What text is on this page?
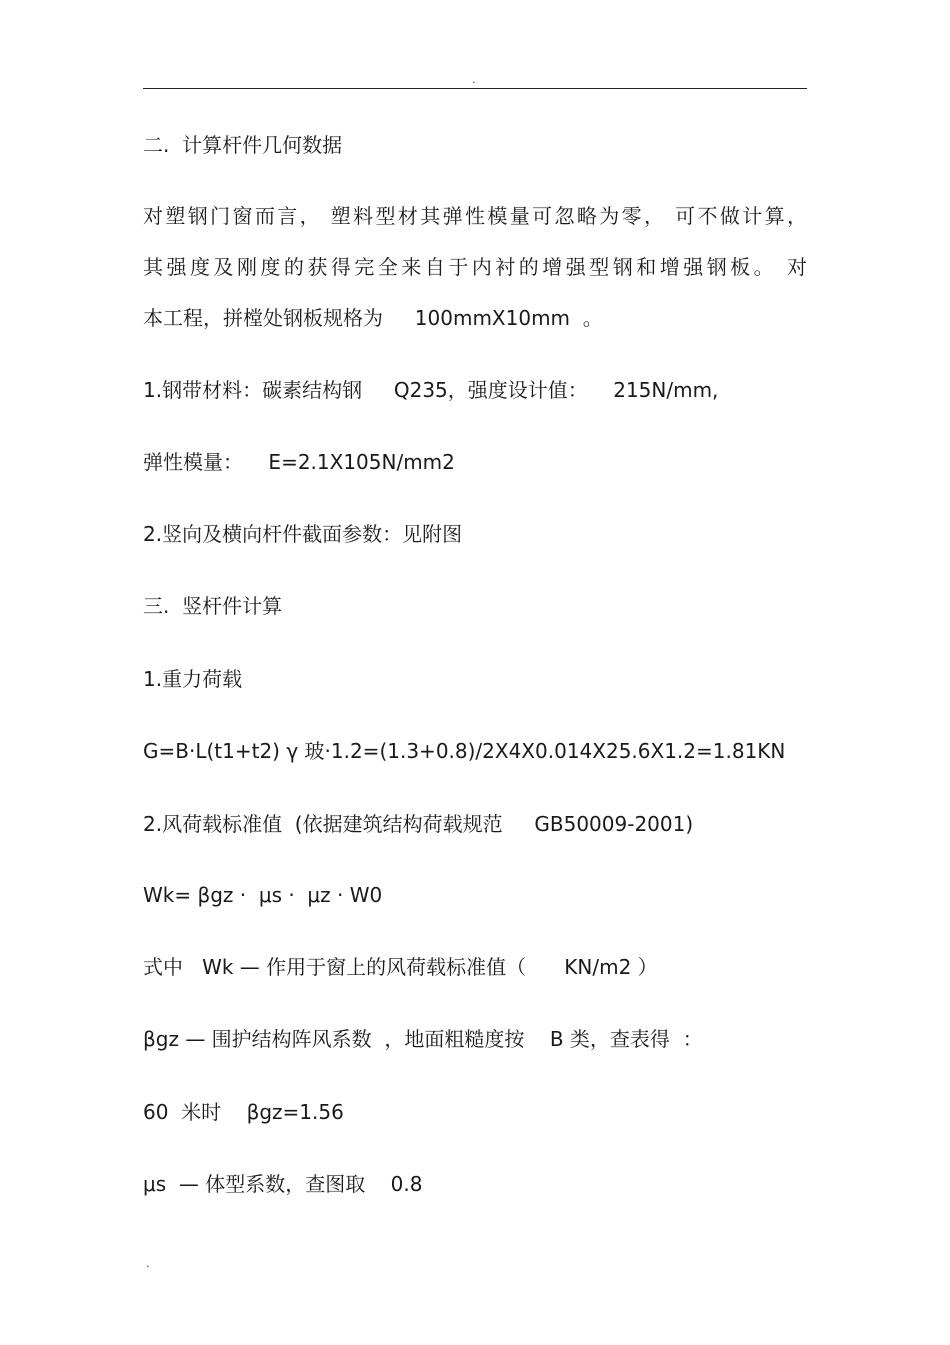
.
二.  计算杆件几何数据
对塑钢门窗而言， 塑料型材其弹性模量可忽略为零， 可不做计算，
其强度及刚度的获得完全来自于内衬的增强型钢和增强钢板。 对
本工程，拼樘处钢板规格为     100mmX10mm  。
1.钢带材料：碳素结构钢     Q235，强度设计值：    215N/mm,
弹性模量：    E=2.1X105N/mm2
2.竖向及横向杆件截面参数：见附图
三.  竖杆件计算
1.重力荷载
G=B·L(t1+t2) γ 玻·1.2=(1.3+0.8)/2X4X0.014X25.6X1.2=1.81KN
2.风荷载标准值  (依据建筑结构荷载规范     GB50009-2001)
Wk= βgz ·  μs ·  μz · W0
式中   Wk — 作用于窗上的风荷载标准值（      KN/m2 ）
βgz — 围护结构阵风系数  ，地面粗糙度按    B 类，查表得  ：
60  米时    βgz=1.56
μs  — 体型系数，查图取    0.8
.
